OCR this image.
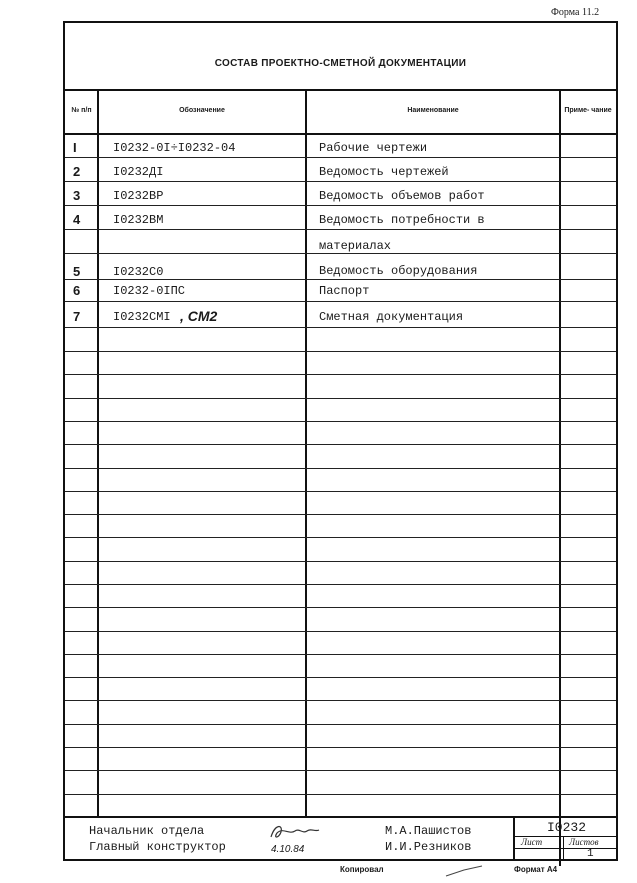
Форма 11.2
СОСТАВ ПРОЕКТНО-СМЕТНОЙ ДОКУМЕНТАЦИИ
№ п/п	Обозначение	Наименование	Приме- чание
I	I0232-0I÷I0232-04	Рабочие чертежи
2	I0232ДI	Ведомость чертежей
3	I0232ВР	Ведомость объемов работ
4	I0232ВМ	Ведомость потребности в
материалах
5	I0232С0	Ведомость оборудования
6	I0232-0IПС	Паспорт
7	I0232СМI , СМ2	Сметная документация
Начальник отдела
Главный конструктор	4.10.84
М.А.Пашистов
И.И.Резников
I0232
Лист	Листов
1
Копировал	Формат А4
